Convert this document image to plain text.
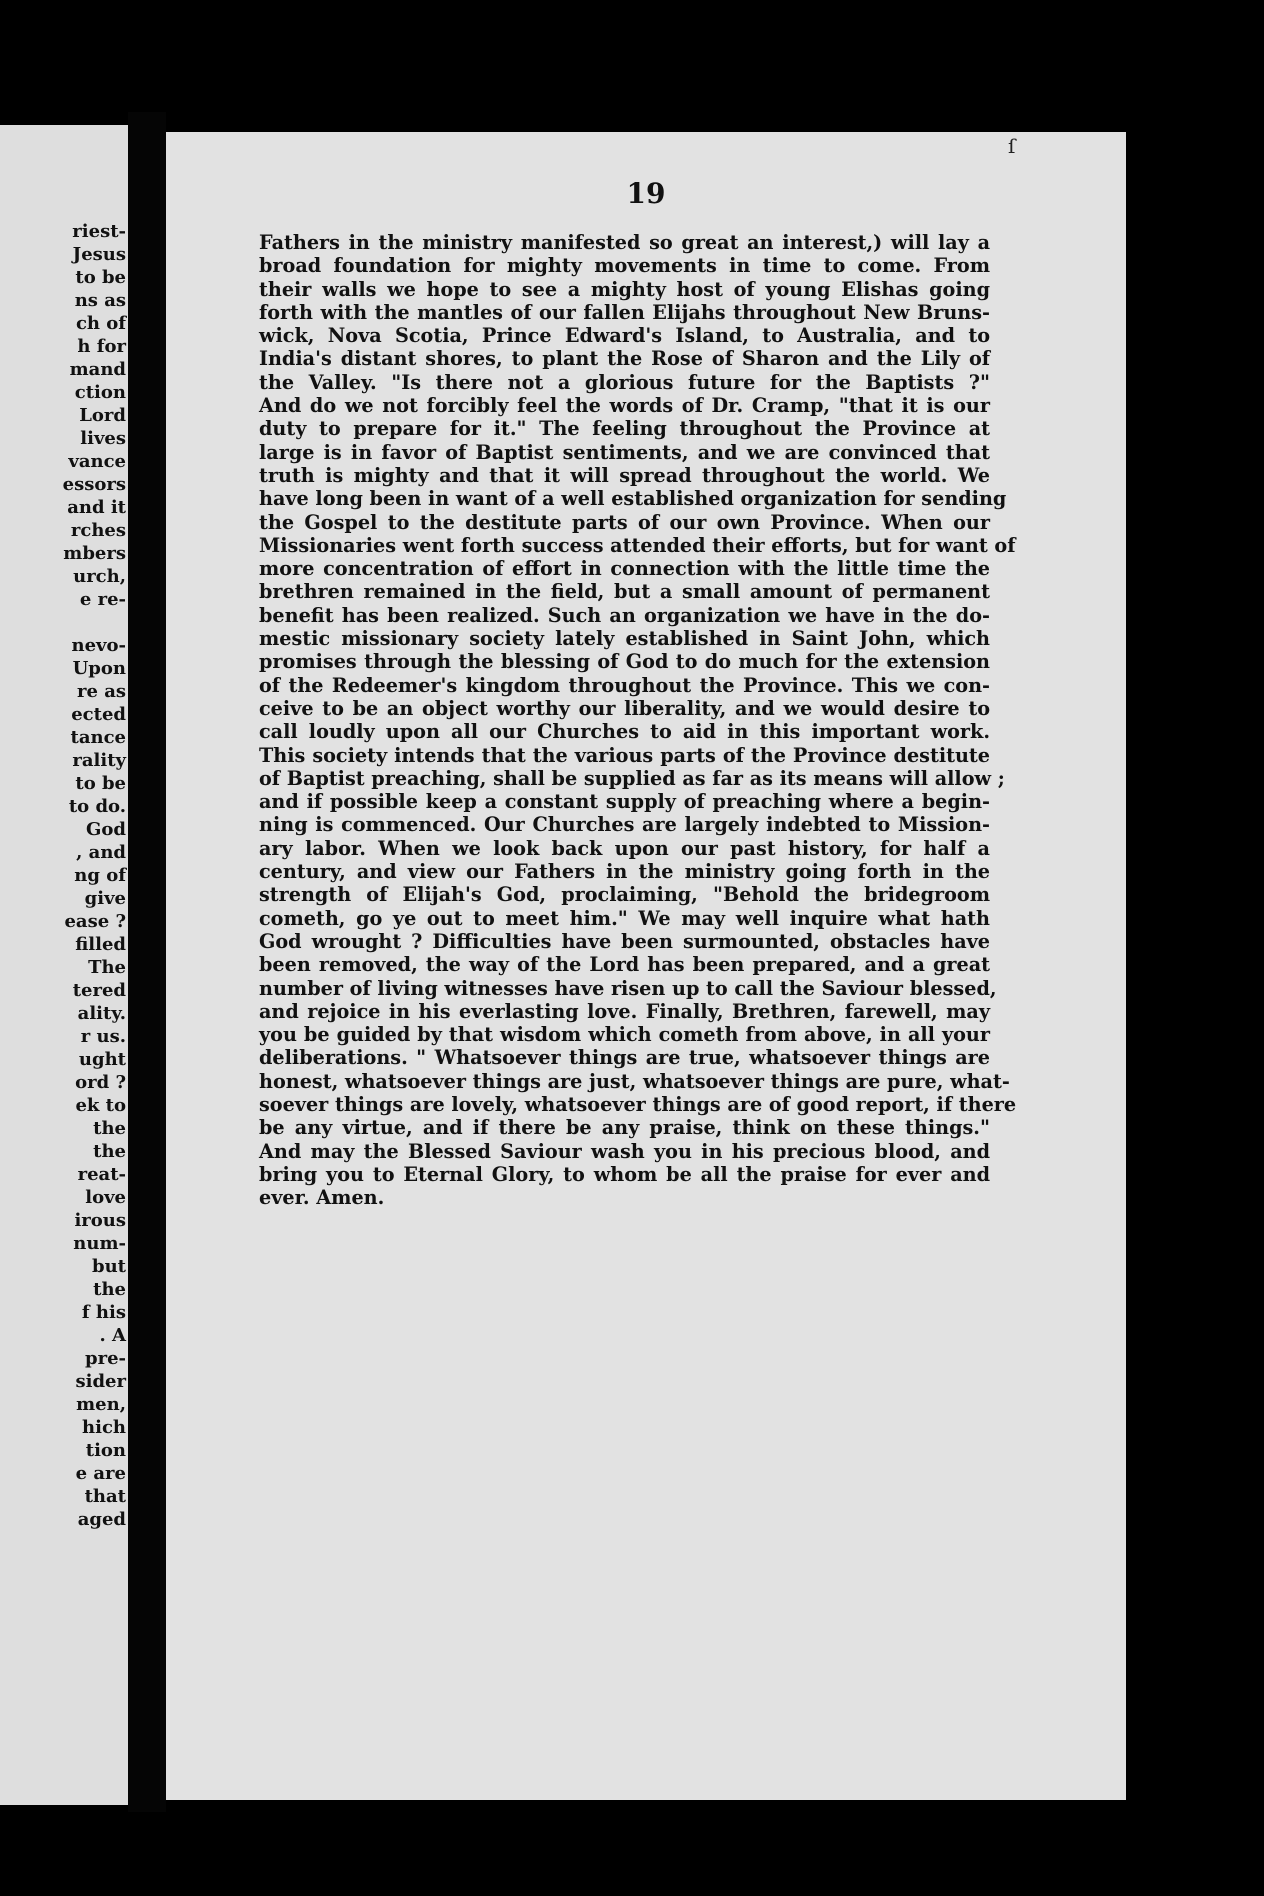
riest-
Jesus
to be
ns as
ch of
h for
mand
ction
Lord
lives
vance
essors
and it
rches
mbers
urch,
e re-
nevo-
Upon
re as
ected
tance
rality
to be
to do.
God
, and
ng of
give
ease ?
filled
The
tered
ality.
r us.
ught
ord ?
ek to
the
the
reat-
love
irous
num-
but
the
f his
. A
pre-
sider
men,
hich
tion
e are
that
aged
19
Fathers in the ministry manifested so great an interest,) will lay a
broad foundation for mighty movements in time to come. From
their walls we hope to see a mighty host of young Elishas going
forth with the mantles of our fallen Elijahs throughout New Bruns-
wick, Nova Scotia, Prince Edward's Island, to Australia, and to
India's distant shores, to plant the Rose of Sharon and the Lily of
the Valley. "Is there not a glorious future for the Baptists ?"
And do we not forcibly feel the words of Dr. Cramp, "that it is our
duty to prepare for it." The feeling throughout the Province at
large is in favor of Baptist sentiments, and we are convinced that
truth is mighty and that it will spread throughout the world. We
have long been in want of a well established organization for sending
the Gospel to the destitute parts of our own Province. When our
Missionaries went forth success attended their efforts, but for want of
more concentration of effort in connection with the little time the
brethren remained in the field, but a small amount of permanent
benefit has been realized. Such an organization we have in the do-
mestic missionary society lately established in Saint John, which
promises through the blessing of God to do much for the extension
of the Redeemer's kingdom throughout the Province. This we con-
ceive to be an object worthy our liberality, and we would desire to
call loudly upon all our Churches to aid in this important work.
This society intends that the various parts of the Province destitute
of Baptist preaching, shall be supplied as far as its means will allow ;
and if possible keep a constant supply of preaching where a begin-
ning is commenced. Our Churches are largely indebted to Mission-
ary labor. When we look back upon our past history, for half a
century, and view our Fathers in the ministry going forth in the
strength of Elijah's God, proclaiming, "Behold the bridegroom
cometh, go ye out to meet him." We may well inquire what hath
God wrought ? Difficulties have been surmounted, obstacles have
been removed, the way of the Lord has been prepared, and a great
number of living witnesses have risen up to call the Saviour blessed,
and rejoice in his everlasting love. Finally, Brethren, farewell, may
you be guided by that wisdom which cometh from above, in all your
deliberations. " Whatsoever things are true, whatsoever things are
honest, whatsoever things are just, whatsoever things are pure, what-
soever things are lovely, whatsoever things are of good report, if there
be any virtue, and if there be any praise, think on these things."
And may the Blessed Saviour wash you in his precious blood, and
bring you to Eternal Glory, to whom be all the praise for ever and
ever. Amen.
ſ
